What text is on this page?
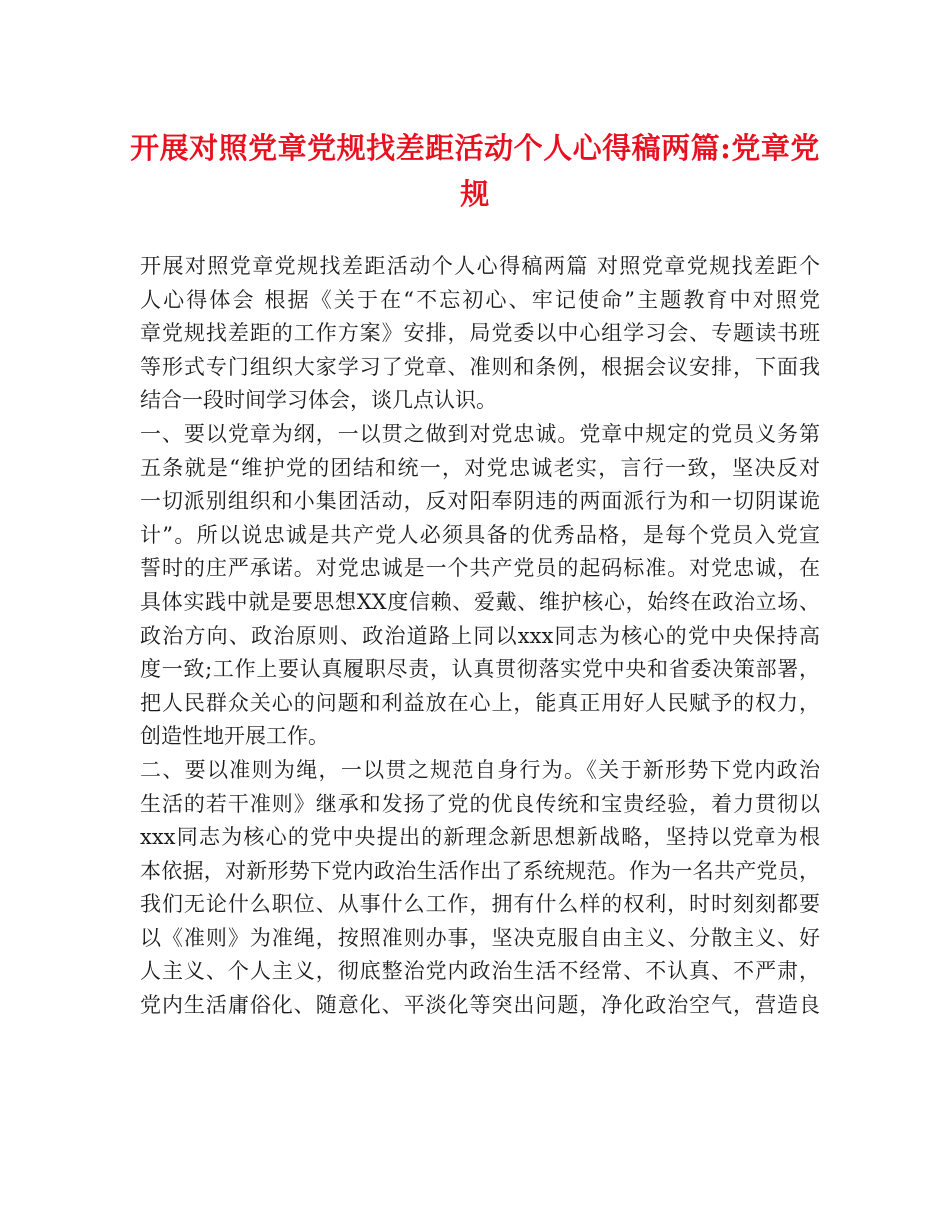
开展对照党章党规找差距活动个人心得稿两篇:党章党
规
开展对照党章党规找差距活动个人心得稿两篇 对照党章党规找差距个
人心得体会 根据《关于在“不忘初心、牢记使命”主题教育中对照党
章党规找差距的工作方案》安排，局党委以中心组学习会、专题读书班
等形式专门组织大家学习了党章、准则和条例，根据会议安排，下面我
结合一段时间学习体会，谈几点认识。
一、要以党章为纲，一以贯之做到对党忠诚。党章中规定的党员义务第
五条就是“维护党的团结和统一，对党忠诚老实，言行一致，坚决反对
一切派别组织和小集团活动，反对阳奉阴违的两面派行为和一切阴谋诡
计”。所以说忠诚是共产党人必须具备的优秀品格，是每个党员入党宣
誓时的庄严承诺。对党忠诚是一个共产党员的起码标准。对党忠诚，在
具体实践中就是要思想XX度信赖、爱戴、维护核心，始终在政治立场、
政治方向、政治原则、政治道路上同以xxx同志为核心的党中央保持高
度一致;工作上要认真履职尽责，认真贯彻落实党中央和省委决策部署，
把人民群众关心的问题和利益放在心上，能真正用好人民赋予的权力，
创造性地开展工作。
二、要以准则为绳，一以贯之规范自身行为。《关于新形势下党内政治
生活的若干准则》继承和发扬了党的优良传统和宝贵经验，着力贯彻以
xxx同志为核心的党中央提出的新理念新思想新战略，坚持以党章为根
本依据，对新形势下党内政治生活作出了系统规范。作为一名共产党员，
我们无论什么职位、从事什么工作，拥有什么样的权利，时时刻刻都要
以《准则》为准绳，按照准则办事，坚决克服自由主义、分散主义、好
人主义、个人主义，彻底整治党内政治生活不经常、不认真、不严肃，
党内生活庸俗化、随意化、平淡化等突出问题，净化政治空气，营造良
